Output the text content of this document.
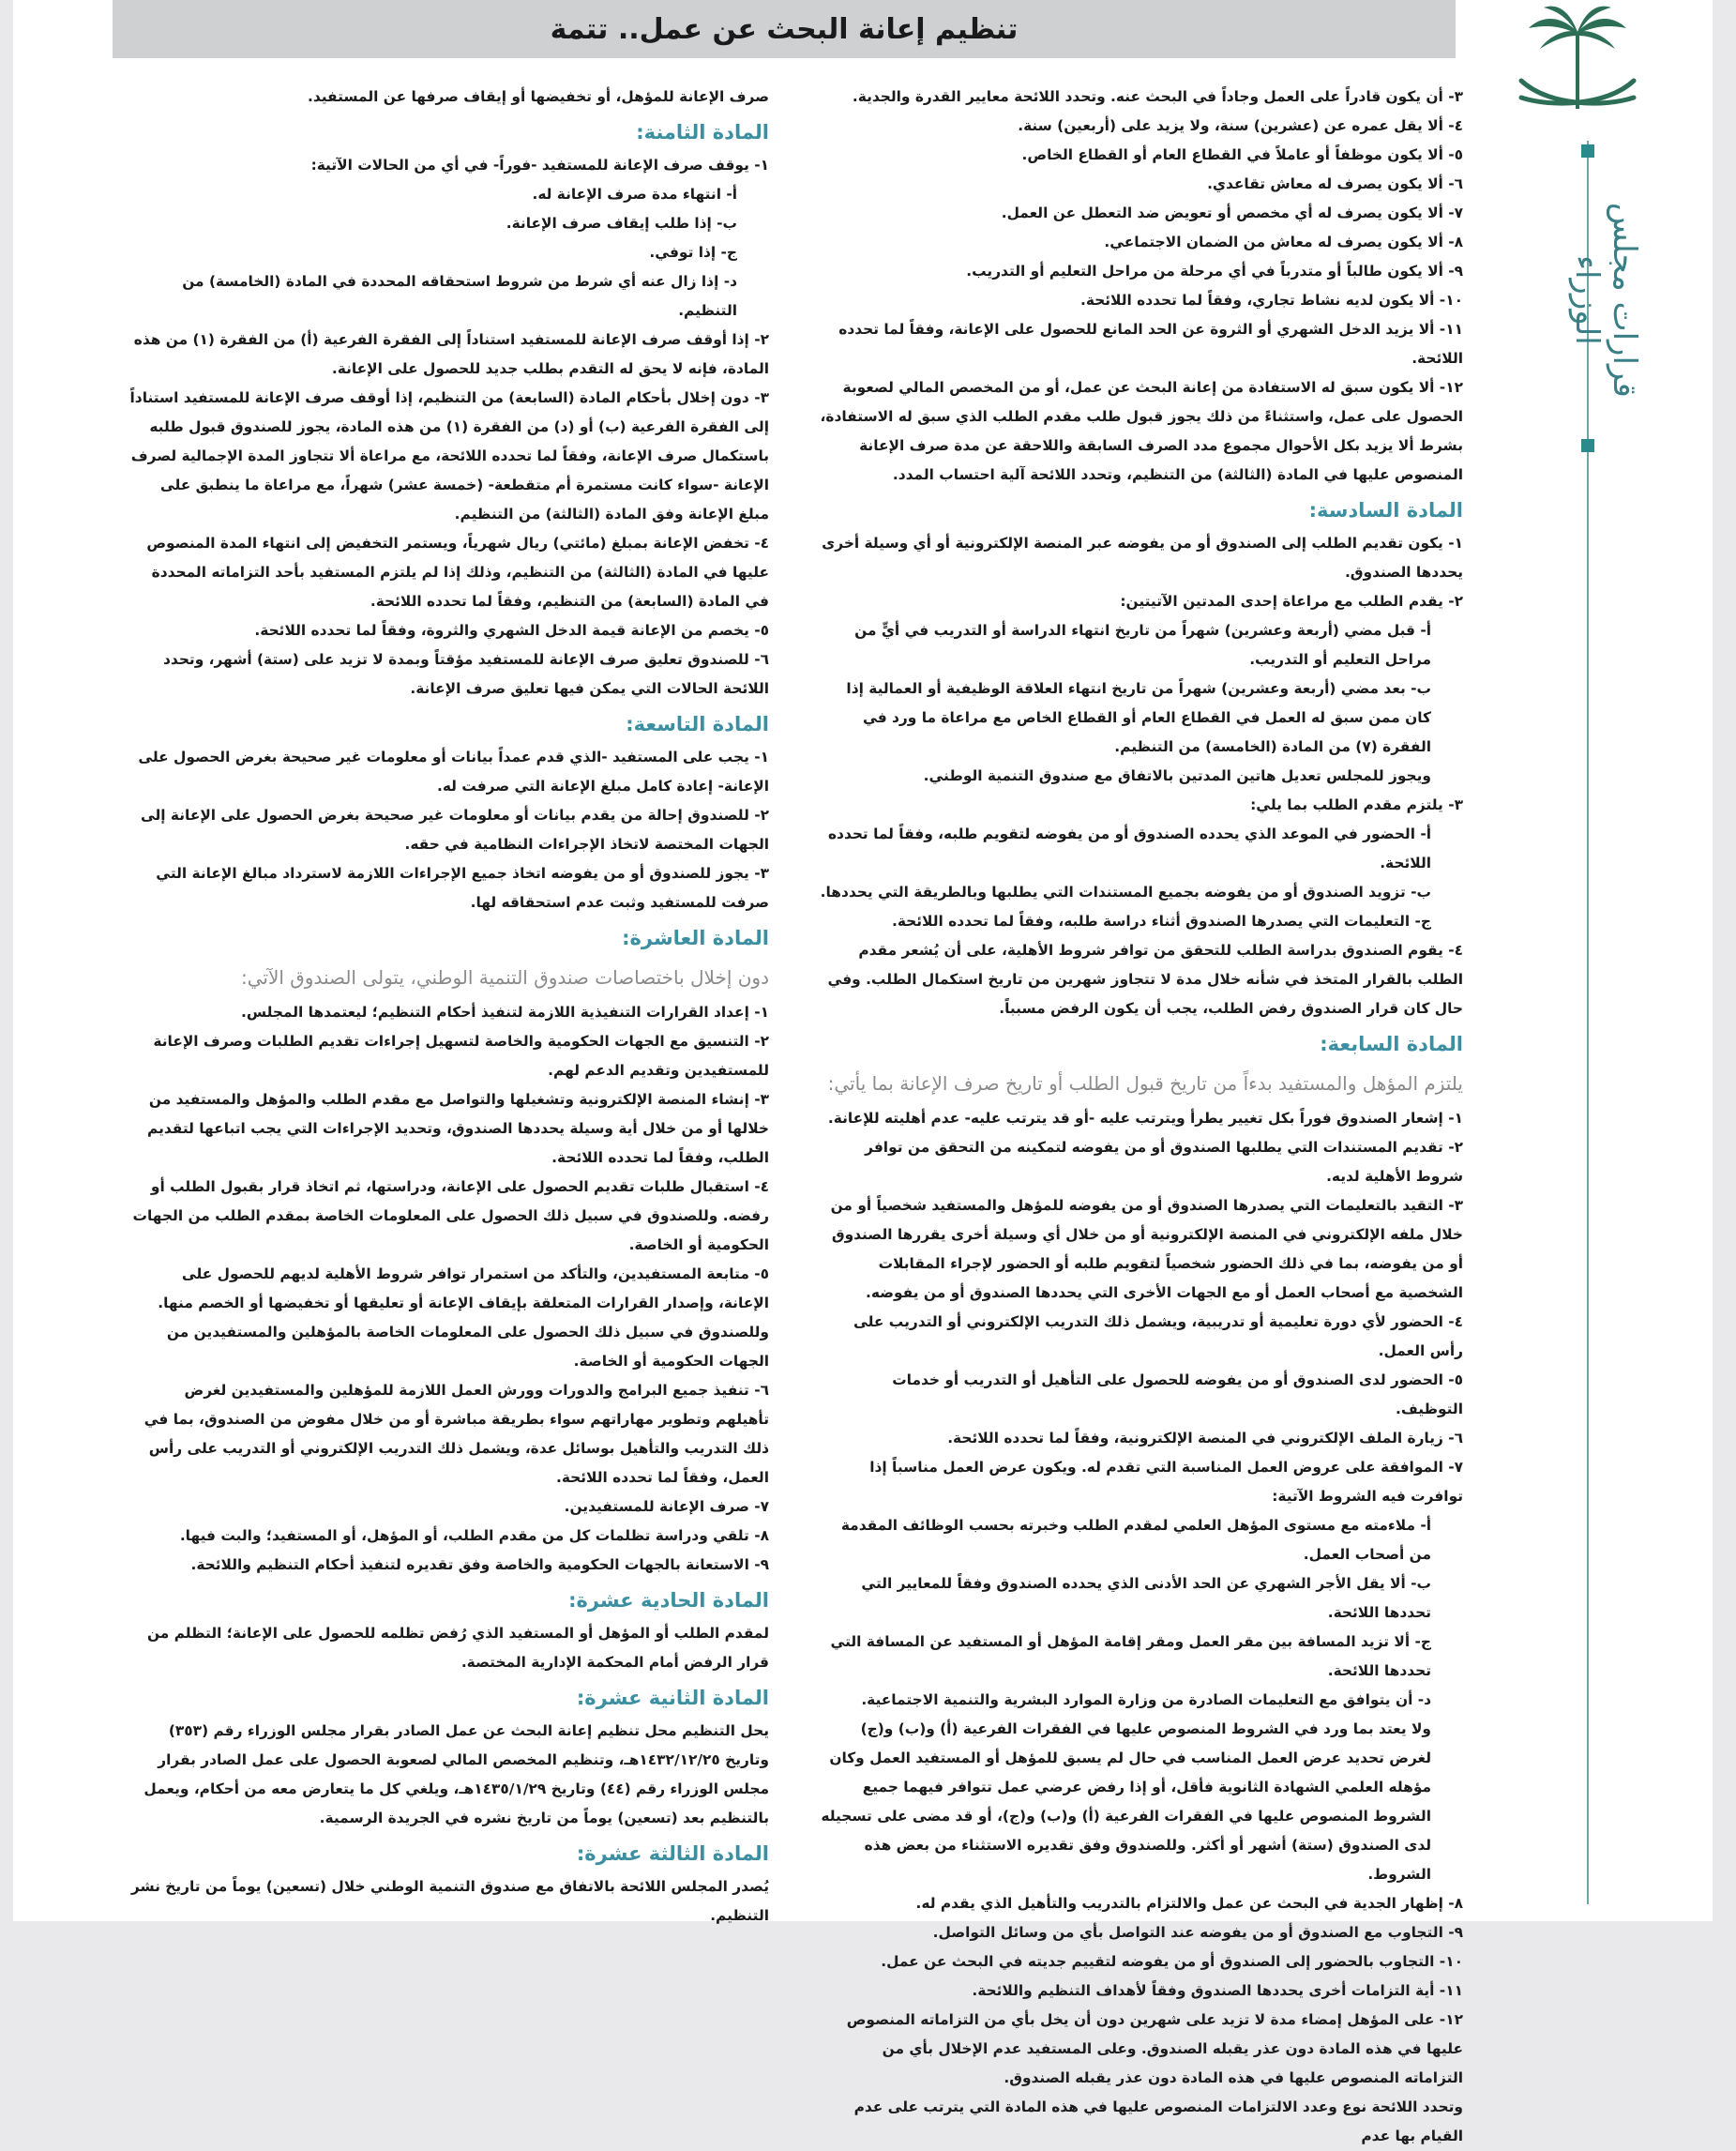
تنظيم إعانة البحث عن عمل.. تتمة
قرارات مجلس الوزراء

٣- أن يكون قادراً على العمل وجاداً في البحث عنه. وتحدد اللائحة معايير القدرة والجدية.

٤- ألا يقل عمره عن (عشرين) سنة، ولا يزيد على (أربعين) سنة.

٥- ألا يكون موظفاً أو عاملاً في القطاع العام أو القطاع الخاص.

٦- ألا يكون يصرف له معاش تقاعدي.

٧- ألا يكون يصرف له أي مخصص أو تعويض ضد التعطل عن العمل.

٨- ألا يكون يصرف له معاش من الضمان الاجتماعي.

٩- ألا يكون طالباً أو متدرباً في أي مرحلة من مراحل التعليم أو التدريب.

١٠- ألا يكون لديه نشاط تجاري، وفقاً لما تحدده اللائحة.

١١- ألا يزيد الدخل الشهري أو الثروة عن الحد المانع للحصول على الإعانة، وفقاً لما تحدده اللائحة.

١٢- ألا يكون سبق له الاستفادة من إعانة البحث عن عمل، أو من المخصص المالي لصعوبة الحصول على عمل، واستثناءً من ذلك يجوز قبول طلب مقدم الطلب الذي سبق له الاستفادة، بشرط ألا يزيد بكل الأحوال مجموع مدد الصرف السابقة واللاحقة عن مدة صرف الإعانة المنصوص عليها في المادة (الثالثة) من التنظيم، وتحدد اللائحة آلية احتساب المدد.

المادة السادسة:

١- يكون تقديم الطلب إلى الصندوق أو من يفوضه عبر المنصة الإلكترونية أو أي وسيلة أخرى يحددها الصندوق.

٢- يقدم الطلب مع مراعاة إحدى المدتين الآتيتين:

أ- قبل مضي (أربعة وعشرين) شهراً من تاريخ انتهاء الدراسة أو التدريب في أيٍّ من مراحل التعليم أو التدريب.

ب- بعد مضي (أربعة وعشرين) شهراً من تاريخ انتهاء العلاقة الوظيفية أو العمالية إذا كان ممن سبق له العمل في القطاع العام أو القطاع الخاص مع مراعاة ما ورد في الفقرة (٧) من المادة (الخامسة) من التنظيم.

ويجوز للمجلس تعديل هاتين المدتين بالاتفاق مع صندوق التنمية الوطني.

٣- يلتزم مقدم الطلب بما يلي:

أ- الحضور في الموعد الذي يحدده الصندوق أو من يفوضه لتقويم طلبه، وفقاً لما تحدده اللائحة.

ب- تزويد الصندوق أو من يفوضه بجميع المستندات التي يطلبها وبالطريقة التي يحددها.

ج- التعليمات التي يصدرها الصندوق أثناء دراسة طلبه، وفقاً لما تحدده اللائحة.

٤- يقوم الصندوق بدراسة الطلب للتحقق من توافر شروط الأهلية، على أن يُشعر مقدم الطلب بالقرار المتخذ في شأنه خلال مدة لا تتجاوز شهرين من تاريخ استكمال الطلب. وفي حال كان قرار الصندوق رفض الطلب، يجب أن يكون الرفض مسبباً.

المادة السابعة:

يلتزم المؤهل والمستفيد بدءاً من تاريخ قبول الطلب أو تاريخ صرف الإعانة بما يأتي:

١- إشعار الصندوق فوراً بكل تغيير يطرأ ويترتب عليه -أو قد يترتب عليه- عدم أهليته للإعانة.

٢- تقديم المستندات التي يطلبها الصندوق أو من يفوضه لتمكينه من التحقق من توافر شروط الأهلية لديه.

٣- التقيد بالتعليمات التي يصدرها الصندوق أو من يفوضه للمؤهل والمستفيد شخصياً أو من خلال ملفه الإلكتروني في المنصة الإلكترونية أو من خلال أي وسيلة أخرى يقررها الصندوق أو من يفوضه، بما في ذلك الحضور شخصياً لتقويم طلبه أو الحضور لإجراء المقابلات الشخصية مع أصحاب العمل أو مع الجهات الأخرى التي يحددها الصندوق أو من يفوضه.

٤- الحضور لأي دورة تعليمية أو تدريبية، ويشمل ذلك التدريب الإلكتروني أو التدريب على رأس العمل.

٥- الحضور لدى الصندوق أو من يفوضه للحصول على التأهيل أو التدريب أو خدمات التوظيف.

٦- زيارة الملف الإلكتروني في المنصة الإلكترونية، وفقاً لما تحدده اللائحة.

٧- الموافقة على عروض العمل المناسبة التي تقدم له. ويكون عرض العمل مناسباً إذا توافرت فيه الشروط الآتية:

أ- ملاءمته مع مستوى المؤهل العلمي لمقدم الطلب وخبرته بحسب الوظائف المقدمة من أصحاب العمل.

ب- ألا يقل الأجر الشهري عن الحد الأدنى الذي يحدده الصندوق وفقاً للمعايير التي تحددها اللائحة.

ج- ألا تزيد المسافة بين مقر العمل ومقر إقامة المؤهل أو المستفيد عن المسافة التي تحددها اللائحة.

د- أن يتوافق مع التعليمات الصادرة من وزارة الموارد البشرية والتنمية الاجتماعية.

ولا يعتد بما ورد في الشروط المنصوص عليها في الفقرات الفرعية (أ) و(ب) و(ج) لغرض تحديد عرض العمل المناسب في حال لم يسبق للمؤهل أو المستفيد العمل وكان مؤهله العلمي الشهادة الثانوية فأقل، أو إذا رفض عرضي عمل تتوافر فيهما جميع الشروط المنصوص عليها في الفقرات الفرعية (أ) و(ب) و(ج)، أو قد مضى على تسجيله لدى الصندوق (ستة) أشهر أو أكثر. وللصندوق وفق تقديره الاستثناء من بعض هذه الشروط.

٨- إظهار الجدية في البحث عن عمل والالتزام بالتدريب والتأهيل الذي يقدم له.

٩- التجاوب مع الصندوق أو من يفوضه عند التواصل بأي من وسائل التواصل.

١٠- التجاوب بالحضور إلى الصندوق أو من يفوضه لتقييم جديته في البحث عن عمل.

١١- أية التزامات أخرى يحددها الصندوق وفقاً لأهداف التنظيم واللائحة.

١٢- على المؤهل إمضاء مدة لا تزيد على شهرين دون أن يخل بأي من التزاماته المنصوص عليها في هذه المادة دون عذر يقبله الصندوق. وعلى المستفيد عدم الإخلال بأي من التزاماته المنصوص عليها في هذه المادة دون عذر يقبله الصندوق.

وتحدد اللائحة نوع وعدد الالتزامات المنصوص عليها في هذه المادة التي يترتب على عدم القيام بها عدم

صرف الإعانة للمؤهل، أو تخفيضها أو إيقاف صرفها عن المستفيد.

المادة الثامنة:

١- يوقف صرف الإعانة للمستفيد -فوراً- في أي من الحالات الآتية:

أ- انتهاء مدة صرف الإعانة له.

ب- إذا طلب إيقاف صرف الإعانة.

ج- إذا توفي.

د- إذا زال عنه أي شرط من شروط استحقاقه المحددة في المادة (الخامسة) من التنظيم.

٢- إذا أوقف صرف الإعانة للمستفيد استناداً إلى الفقرة الفرعية (أ) من الفقرة (١) من هذه المادة، فإنه لا يحق له التقدم بطلب جديد للحصول على الإعانة.

٣- دون إخلال بأحكام المادة (السابعة) من التنظيم، إذا أوقف صرف الإعانة للمستفيد استناداً إلى الفقرة الفرعية (ب) أو (د) من الفقرة (١) من هذه المادة، يجوز للصندوق قبول طلبه باستكمال صرف الإعانة، وفقاً لما تحدده اللائحة، مع مراعاة ألا تتجاوز المدة الإجمالية لصرف الإعانة -سواء كانت مستمرة أم متقطعة- (خمسة عشر) شهراً، مع مراعاة ما ينطبق على مبلغ الإعانة وفق المادة (الثالثة) من التنظيم.

٤- تخفض الإعانة بمبلغ (مائتي) ريال شهرياً، ويستمر التخفيض إلى انتهاء المدة المنصوص عليها في المادة (الثالثة) من التنظيم، وذلك إذا لم يلتزم المستفيد بأحد التزاماته المحددة في المادة (السابعة) من التنظيم، وفقاً لما تحدده اللائحة.

٥- يخصم من الإعانة قيمة الدخل الشهري والثروة، وفقاً لما تحدده اللائحة.

٦- للصندوق تعليق صرف الإعانة للمستفيد مؤقتاً وبمدة لا تزيد على (ستة) أشهر، وتحدد اللائحة الحالات التي يمكن فيها تعليق صرف الإعانة.

المادة التاسعة:

١- يجب على المستفيد -الذي قدم عمداً بيانات أو معلومات غير صحيحة بغرض الحصول على الإعانة- إعادة كامل مبلغ الإعانة التي صرفت له.

٢- للصندوق إحالة من يقدم بيانات أو معلومات غير صحيحة بغرض الحصول على الإعانة إلى الجهات المختصة لاتخاذ الإجراءات النظامية في حقه.

٣- يجوز للصندوق أو من يفوضه اتخاذ جميع الإجراءات اللازمة لاسترداد مبالغ الإعانة التي صرفت للمستفيد وثبت عدم استحقاقه لها.

المادة العاشرة:

دون إخلال باختصاصات صندوق التنمية الوطني، يتولى الصندوق الآتي:

١- إعداد القرارات التنفيذية اللازمة لتنفيذ أحكام التنظيم؛ ليعتمدها المجلس.

٢- التنسيق مع الجهات الحكومية والخاصة لتسهيل إجراءات تقديم الطلبات وصرف الإعانة للمستفيدين وتقديم الدعم لهم.

٣- إنشاء المنصة الإلكترونية وتشغيلها والتواصل مع مقدم الطلب والمؤهل والمستفيد من خلالها أو من خلال أية وسيلة يحددها الصندوق، وتحديد الإجراءات التي يجب اتباعها لتقديم الطلب، وفقاً لما تحدده اللائحة.

٤- استقبال طلبات تقديم الحصول على الإعانة، ودراستها، ثم اتخاذ قرار بقبول الطلب أو رفضه. وللصندوق في سبيل ذلك الحصول على المعلومات الخاصة بمقدم الطلب من الجهات الحكومية أو الخاصة.

٥- متابعة المستفيدين، والتأكد من استمرار توافر شروط الأهلية لديهم للحصول على الإعانة، وإصدار القرارات المتعلقة بإيقاف الإعانة أو تعليقها أو تخفيضها أو الخصم منها. وللصندوق في سبيل ذلك الحصول على المعلومات الخاصة بالمؤهلين والمستفيدين من الجهات الحكومية أو الخاصة.

٦- تنفيذ جميع البرامج والدورات وورش العمل اللازمة للمؤهلين والمستفيدين لغرض تأهيلهم وتطوير مهاراتهم سواء بطريقة مباشرة أو من خلال مفوض من الصندوق، بما في ذلك التدريب والتأهيل بوسائل عدة، ويشمل ذلك التدريب الإلكتروني أو التدريب على رأس العمل، وفقاً لما تحدده اللائحة.

٧- صرف الإعانة للمستفيدين.

٨- تلقي ودراسة تظلمات كل من مقدم الطلب، أو المؤهل، أو المستفيد؛ والبت فيها.

٩- الاستعانة بالجهات الحكومية والخاصة وفق تقديره لتنفيذ أحكام التنظيم واللائحة.

المادة الحادية عشرة:

لمقدم الطلب أو المؤهل أو المستفيد الذي رُفض تظلمه للحصول على الإعانة؛ التظلم من قرار الرفض أمام المحكمة الإدارية المختصة.

المادة الثانية عشرة:

يحل التنظيم محل تنظيم إعانة البحث عن عمل الصادر بقرار مجلس الوزراء رقم (٣٥٣) وتاريخ ١٤٣٢/١٢/٢٥هـ، وتنظيم المخصص المالي لصعوبة الحصول على عمل الصادر بقرار مجلس الوزراء رقم (٤٤) وتاريخ ١٤٣٥/١/٢٩هـ، ويلغي كل ما يتعارض معه من أحكام، ويعمل بالتنظيم بعد (تسعين) يوماً من تاريخ نشره في الجريدة الرسمية.

المادة الثالثة عشرة:

يُصدر المجلس اللائحة بالاتفاق مع صندوق التنمية الوطني خلال (تسعين) يوماً من تاريخ نشر التنظيم.
